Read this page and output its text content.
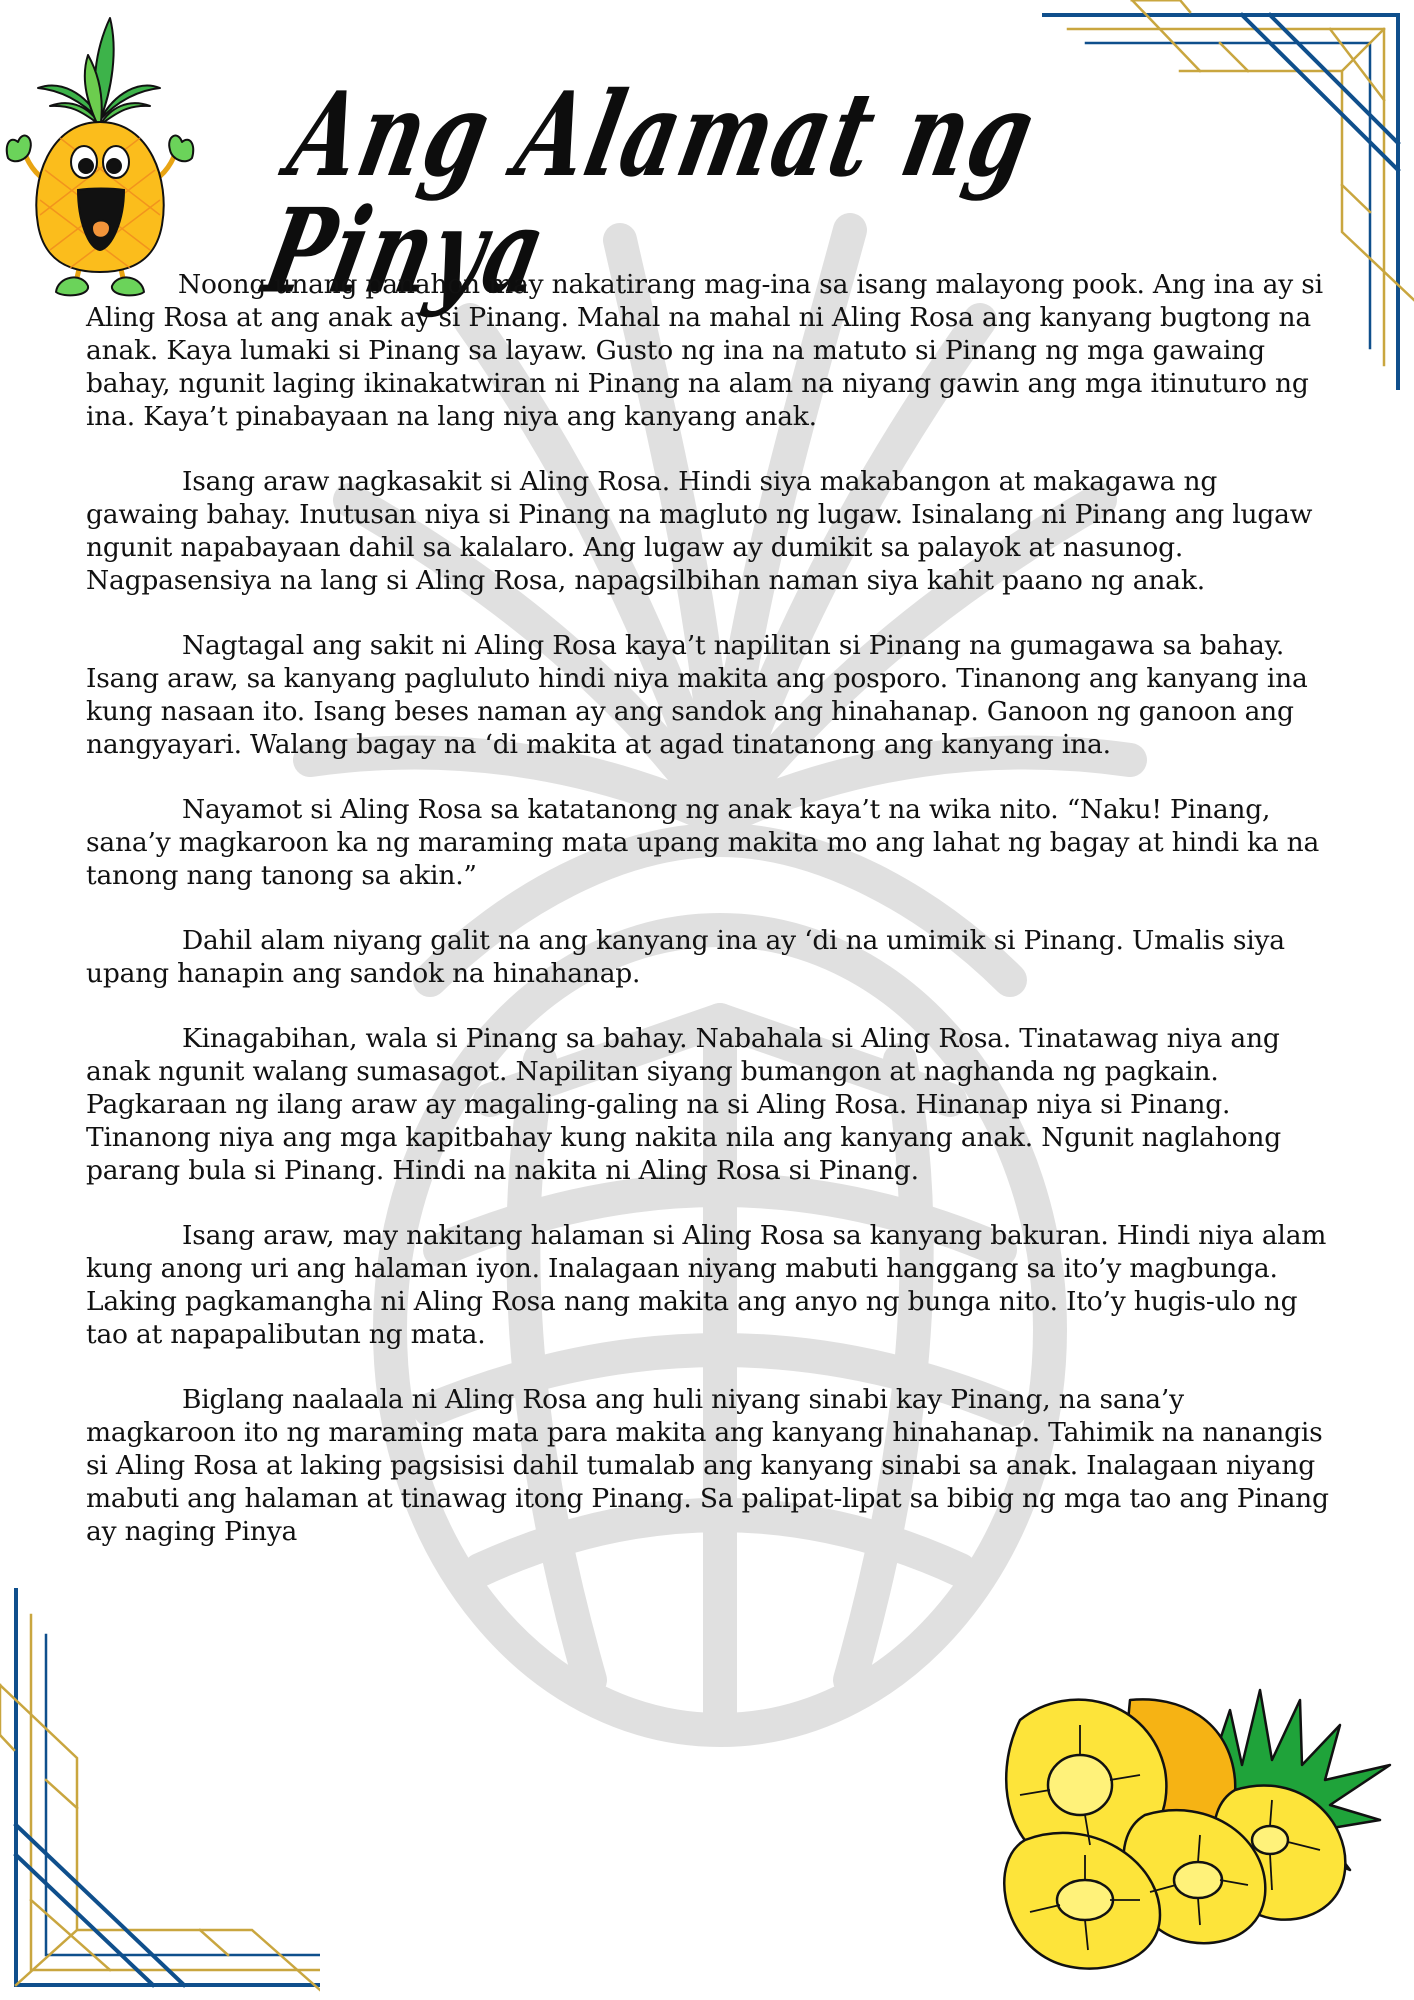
Ang Alamat ng Pinya

Noong unang panahon may nakatirang mag-ina sa isang malayong pook. Ang ina ay si Aling Rosa at ang anak ay si Pinang. Mahal na mahal ni Aling Rosa ang kanyang bugtong na anak. Kaya lumaki si Pinang sa layaw. Gusto ng ina na matuto si Pinang ng mga gawaing bahay, ngunit laging ikinakatwiran ni Pinang na alam na niyang gawin ang mga itinuturo ng ina. Kaya’t pinabayaan na lang niya ang kanyang anak.

Isang araw nagkasakit si Aling Rosa. Hindi siya makabangon at makagawa ng gawaing bahay. Inutusan niya si Pinang na magluto ng lugaw. Isinalang ni Pinang ang lugaw ngunit napabayaan dahil sa kalalaro. Ang lugaw ay dumikit sa palayok at nasunog. Nagpasensiya na lang si Aling Rosa, napagsilbihan naman siya kahit paano ng anak.

Nagtagal ang sakit ni Aling Rosa kaya’t napilitan si Pinang na gumagawa sa bahay. Isang araw, sa kanyang pagluluto hindi niya makita ang posporo. Tinanong ang kanyang ina kung nasaan ito. Isang beses naman ay ang sandok ang hinahanap. Ganoon ng ganoon ang nangyayari. Walang bagay na ‘di makita at agad tinatanong ang kanyang ina.

Nayamot si Aling Rosa sa katatanong ng anak kaya’t na wika nito. “Naku! Pinang, sana’y magkaroon ka ng maraming mata upang makita mo ang lahat ng bagay at hindi ka na tanong nang tanong sa akin.”

Dahil alam niyang galit na ang kanyang ina ay ‘di na umimik si Pinang. Umalis siya upang hanapin ang sandok na hinahanap.

Kinagabihan, wala si Pinang sa bahay. Nabahala si Aling Rosa. Tinatawag niya ang anak ngunit walang sumasagot. Napilitan siyang bumangon at naghanda ng pagkain. Pagkaraan ng ilang araw ay magaling-galing na si Aling Rosa. Hinanap niya si Pinang. Tinanong niya ang mga kapitbahay kung nakita nila ang kanyang anak. Ngunit naglahong parang bula si Pinang. Hindi na nakita ni Aling Rosa si Pinang.

Isang araw, may nakitang halaman si Aling Rosa sa kanyang bakuran. Hindi niya alam kung anong uri ang halaman iyon. Inalagaan niyang mabuti hanggang sa ito’y magbunga. Laking pagkamangha ni Aling Rosa nang makita ang anyo ng bunga nito. Ito’y hugis-ulo ng tao at napapalibutan ng mata.

Biglang naalaala ni Aling Rosa ang huli niyang sinabi kay Pinang, na sana’y magkaroon ito ng maraming mata para makita ang kanyang hinahanap. Tahimik na nanangis si Aling Rosa at laking pagsisisi dahil tumalab ang kanyang sinabi sa anak. Inalagaan niyang mabuti ang halaman at tinawag itong Pinang. Sa palipat-lipat sa bibig ng mga tao ang Pinang ay naging Pinya
